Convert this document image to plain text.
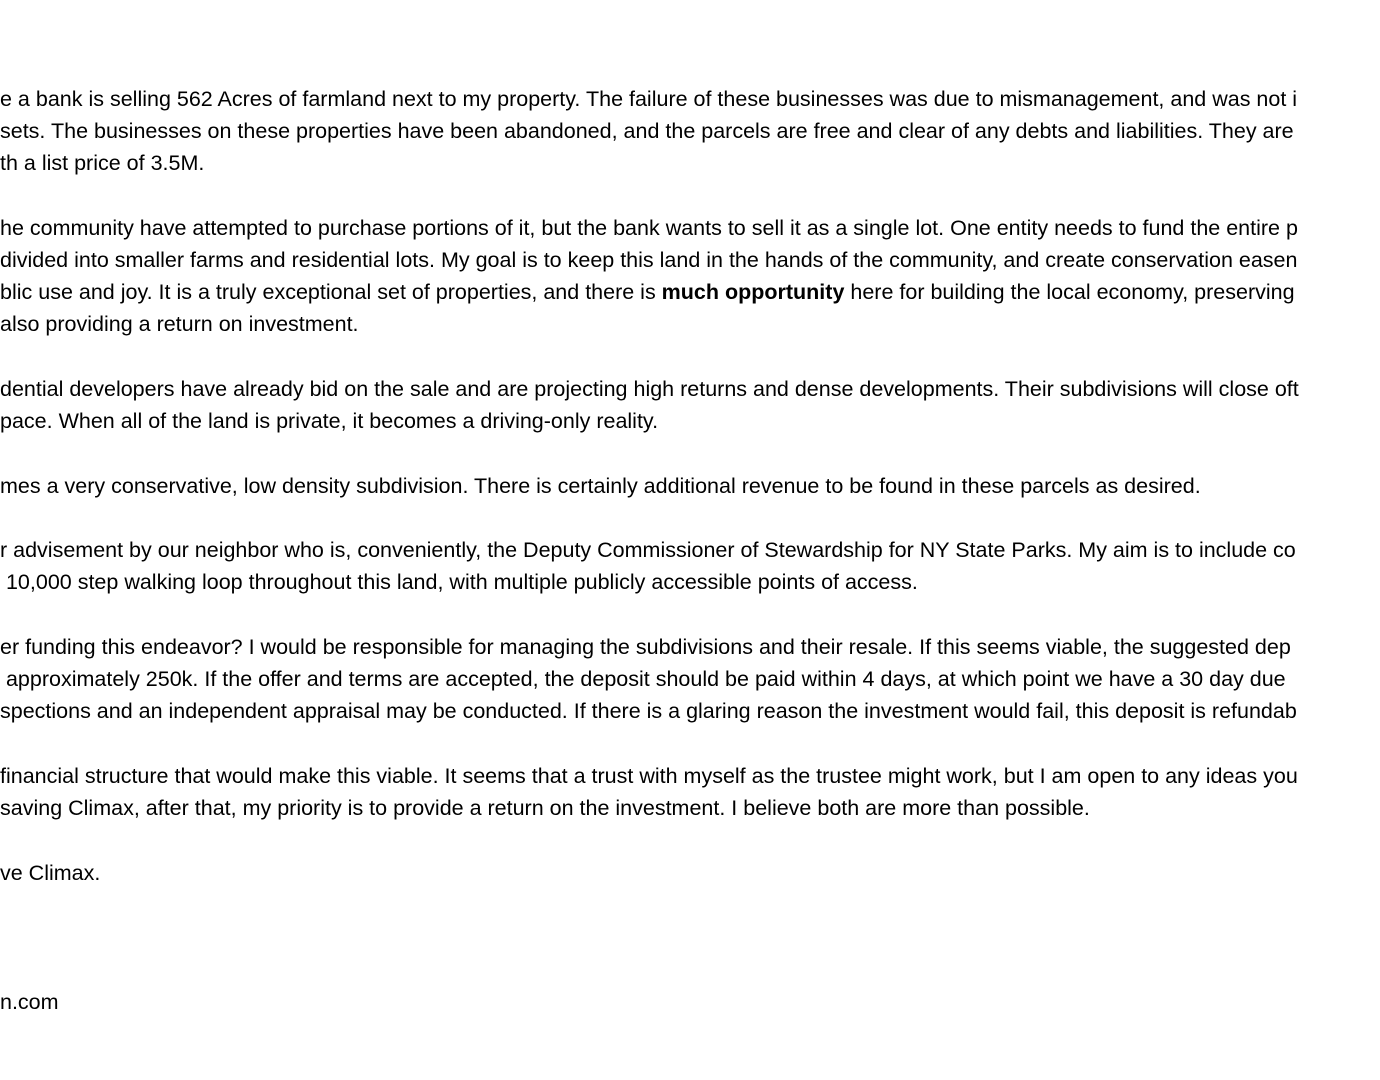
e a bank is selling 562 Acres of farmland next to my property. The failure of these businesses was due to mismanagement, and was not i
sets. The businesses on these properties have been abandoned, and the parcels are free and clear of any debts and liabilities. They are
th a list price of 3.5M.
he community have attempted to purchase portions of it, but the bank wants to sell it as a single lot. One entity needs to fund the entire p
divided into smaller farms and residential lots. My goal is to keep this land in the hands of the community, and create conservation easen
blic use and joy. It is a truly exceptional set of properties, and there is much opportunity here for building the local economy, preserving
also providing a return on investment.
dential developers have already bid on the sale and are projecting high returns and dense developments. Their subdivisions will close oft
pace. When all of the land is private, it becomes a driving-only reality.
mes a very conservative, low density subdivision. There is certainly additional revenue to be found in these parcels as desired.
r advisement by our neighbor who is, conveniently, the Deputy Commissioner of Stewardship for NY State Parks. My aim is to include co
10,000 step walking loop throughout this land, with multiple publicly accessible points of access.
er funding this endeavor? I would be responsible for managing the subdivisions and their resale. If this seems viable, the suggested dep
approximately 250k. If the offer and terms are accepted, the deposit should be paid within 4 days, at which point we have a 30 day due
spections and an independent appraisal may be conducted. If there is a glaring reason the investment would fail, this deposit is refundab
financial structure that would make this viable. It seems that a trust with myself as the trustee might work, but I am open to any ideas you
saving Climax, after that, my priority is to provide a return on the investment. I believe both are more than possible.
ve Climax.
n.com
